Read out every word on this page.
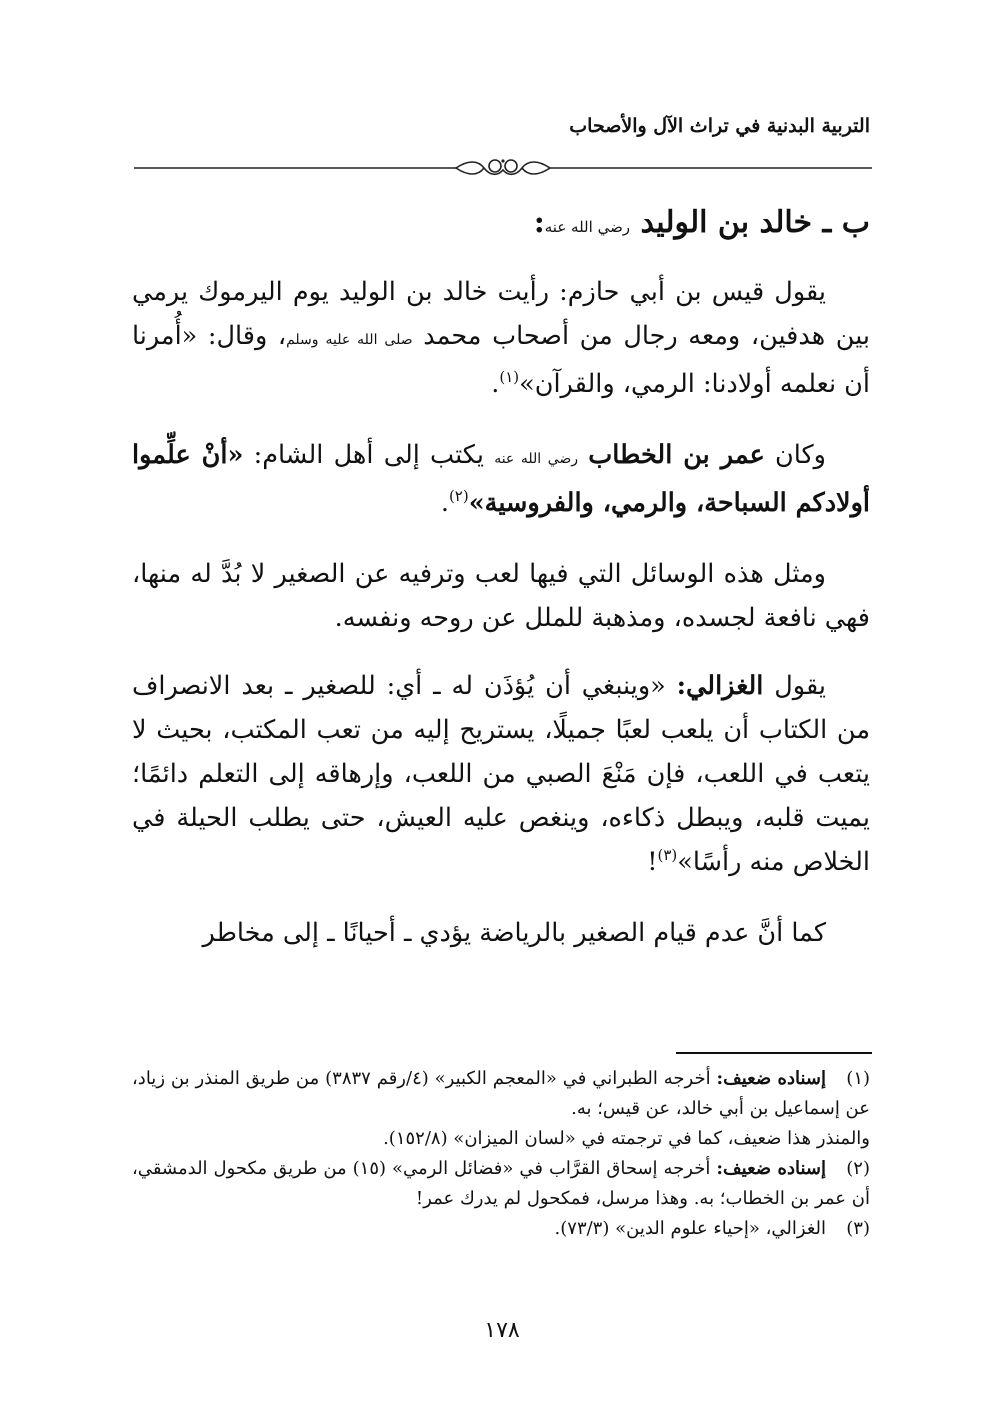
التربية البدنية في تراث الآل والأصحاب
ب ـ خالد بن الوليد رضي الله عنه:

يقول قيس بن أبي حازم: رأيت خالد بن الوليد يوم اليرموك يرمي بين هدفين، ومعه رجال من أصحاب محمد صلى الله عليه وسلم، وقال: «أُمرنا أن نعلمه أولادنا: الرمي، والقرآن»$^{(١)}$.

وكان عمر بن الخطاب رضي الله عنه يكتب إلى أهل الشام: «أنْ علِّموا أولادكم السباحة، والرمي، والفروسية»$^{(٢)}$.

ومثل هذه الوسائل التي فيها لعب وترفيه عن الصغير لا بُدَّ له منها، فهي نافعة لجسده، ومذهبة للملل عن روحه ونفسه.

يقول الغزالي: «وينبغي أن يُؤذَن له ـ أي: للصغير ـ بعد الانصراف من الكتاب أن يلعب لعبًا جميلًا، يستريح إليه من تعب المكتب، بحيث لا يتعب في اللعب، فإن مَنْعَ الصبي من اللعب، وإرهاقه إلى التعلم دائمًا؛ يميت قلبه، ويبطل ذكاءه، وينغص عليه العيش، حتى يطلب الحيلة في الخلاص منه رأسًا»$^{(٣)}$!

كما أنَّ عدم قيام الصغير بالرياضة يؤدي ـ أحيانًا ـ إلى مخاطر

(١)إسناده ضعيف: أخرجه الطبراني في «المعجم الكبير» (٤/رقم ٣٨٣٧) من طريق المنذر بن زياد، عن إسماعيل بن أبي خالد، عن قيس؛ به.
والمنذر هذا ضعيف، كما في ترجمته في «لسان الميزان» (١٥٢/٨).
(٢)إسناده ضعيف: أخرجه إسحاق القرَّاب في «فضائل الرمي» (١٥) من طريق مكحول الدمشقي، أن عمر بن الخطاب؛ به. وهذا مرسل، فمكحول لم يدرك عمر!
(٣)الغزالي، «إحياء علوم الدين» (٧٣/٣).
١٧٨
